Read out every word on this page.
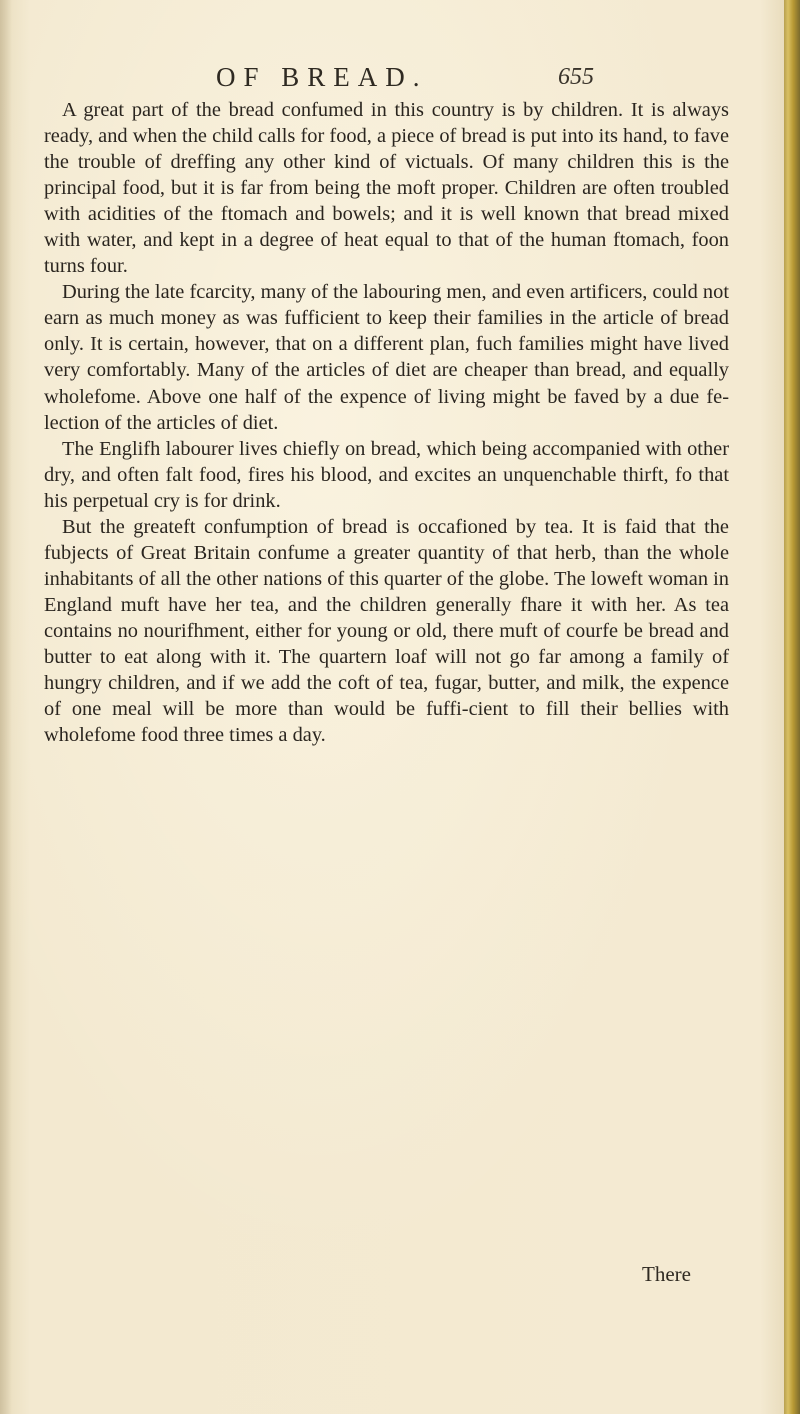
OF BREAD.	655

A great part of the bread confumed in this country is by children. It is always ready, and when the child calls for food, a piece of bread is put into its hand, to fave the trouble of dreffing any other kind of victuals. Of many children this is the principal food, but it is far from being the moft proper. Children are often troubled with acidities of the ftomach and bowels; and it is well known that bread mixed with water, and kept in a degree of heat equal to that of the human ftomach, foon turns four.

During the late fcarcity, many of the labouring men, and even artificers, could not earn as much money as was fufficient to keep their families in the article of bread only. It is certain, however, that on a different plan, fuch families might have lived very comfortably. Many of the articles of diet are cheaper than bread, and equally wholefome. Above one half of the expence of living might be faved by a due fe-lection of the articles of diet.

The Englifh labourer lives chiefly on bread, which being accompanied with other dry, and often falt food, fires his blood, and excites an unquenchable thirft, fo that his perpetual cry is for drink.

But the greateft confumption of bread is occafioned by tea. It is faid that the fubjects of Great Britain confume a greater quantity of that herb, than the whole inhabitants of all the other nations of this quarter of the globe. The loweft woman in England muft have her tea, and the children generally fhare it with her. As tea contains no nourifhment, either for young or old, there muft of courfe be bread and butter to eat along with it. The quartern loaf will not go far among a family of hungry children, and if we add the coft of tea, fugar, butter, and milk, the expence of one meal will be more than would be fuffi-cient to fill their bellies with wholefome food three times a day.

There
